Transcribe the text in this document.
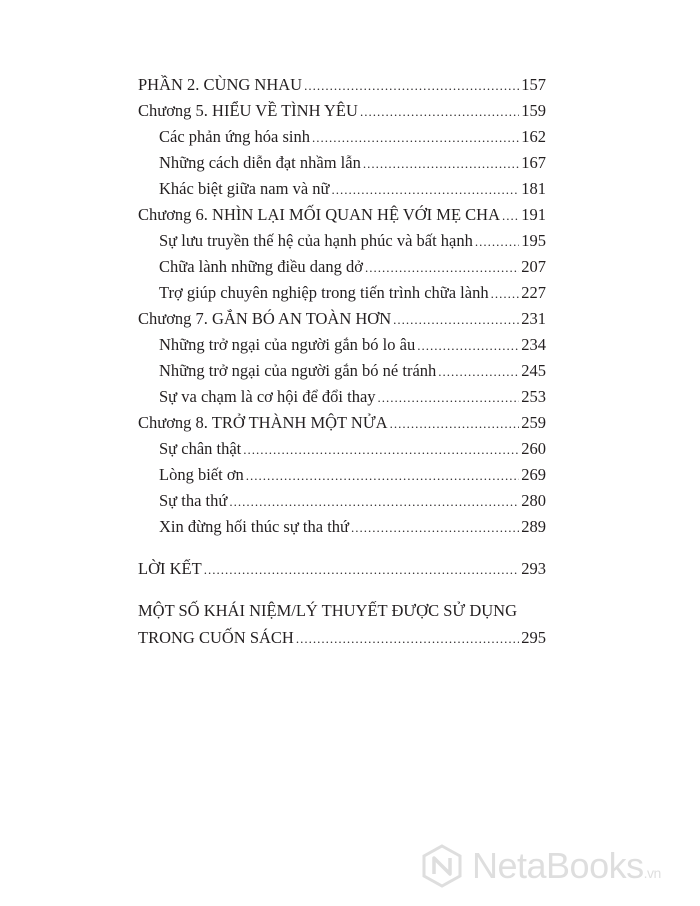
PHẦN 2. CÙNG NHAU .....	157
Chương 5. HIỂU VỀ TÌNH YÊU .....	159
Các phản ứng hóa sinh .....	162
Những cách diễn đạt nhầm lẫn .....	167
Khác biệt giữa nam và nữ .....	181
Chương 6. NHÌN LẠI MỐI QUAN HỆ VỚI MẸ CHA ..... 191
Sự lưu truyền thế hệ của hạnh phúc và bất hạnh .....	195
Chữa lành những điều dang dở .....	207
Trợ giúp chuyên nghiệp trong tiến trình chữa lành ..... 227
Chương 7. GẮN BÓ AN TOÀN HƠN .....	231
Những trở ngại của người gắn bó lo âu .....	234
Những trở ngại của người gắn bó né tránh .....	245
Sự va chạm là cơ hội để đổi thay .....	253
Chương 8. TRỞ THÀNH MỘT NỬA .....	259
Sự chân thật .....	260
Lòng biết ơn .....	269
Sự tha thứ .....	280
Xin đừng hối thúc sự tha thứ .....	289
LỜI KẾT .....	293
MỘT SỐ KHÁI NIỆM/LÝ THUYẾT ĐƯỢC SỬ DỤNG
TRONG CUỐN SÁCH .....	295
NetaBooks.vn
